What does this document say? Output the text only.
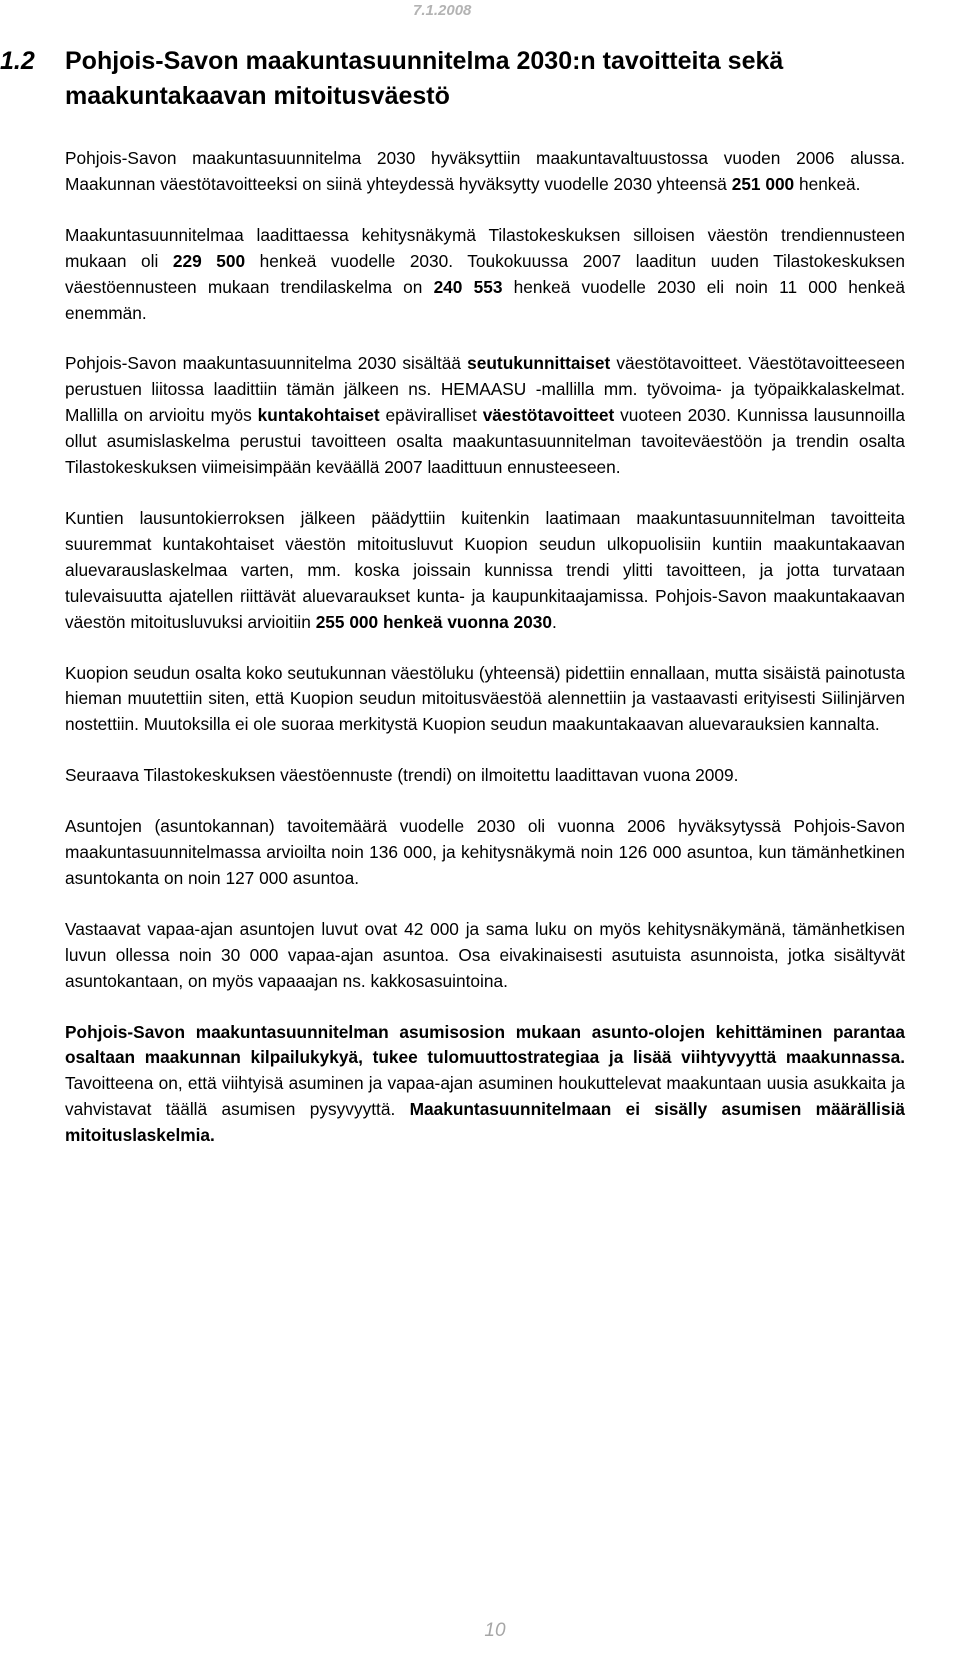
7.1.2008
1.2	Pohjois-Savon maakuntasuunnitelma 2030:n tavoitteita sekä maakuntakaavan mitoitusväestö

Pohjois-Savon maakuntasuunnitelma 2030 hyväksyttiin maakuntavaltuustossa vuoden 2006 alussa. Maakunnan väestötavoitteeksi on siinä yhteydessä hyväksytty vuodelle 2030 yhteensä 251 000 henkeä.

Maakuntasuunnitelmaa laadittaessa kehitysnäkymä Tilastokeskuksen silloisen väestön trendiennusteen mukaan oli 229 500 henkeä vuodelle 2030. Toukokuussa 2007 laaditun uuden Tilastokeskuksen väestöennusteen mukaan trendilaskelma on 240 553 henkeä vuodelle 2030 eli noin 11 000 henkeä enemmän.

Pohjois-Savon maakuntasuunnitelma 2030 sisältää seutukunnittaiset väestötavoitteet. Väestötavoitteeseen perustuen liitossa laadittiin tämän jälkeen ns. HEMAASU -mallilla mm. työvoima- ja työpaikkalaskelmat. Mallilla on arvioitu myös kuntakohtaiset epäviralliset väestötavoitteet vuoteen 2030. Kunnissa lausunnoilla ollut asumislaskelma perustui tavoitteen osalta maakuntasuunnitelman tavoiteväestöön ja trendin osalta Tilastokeskuksen viimeisimpään keväällä 2007 laadittuun ennusteeseen.

Kuntien lausuntokierroksen jälkeen päädyttiin kuitenkin laatimaan maakuntasuunnitelman tavoitteita suuremmat kuntakohtaiset väestön mitoitusluvut Kuopion seudun ulkopuolisiin kuntiin maakuntakaavan aluevarauslaskelmaa varten, mm. koska joissain kunnissa trendi ylitti tavoitteen, ja jotta turvataan tulevaisuutta ajatellen riittävät aluevaraukset kunta- ja kaupunkitaajamissa. Pohjois-Savon maakuntakaavan väestön mitoitusluvuksi arvioitiin 255 000 henkeä vuonna 2030.

Kuopion seudun osalta koko seutukunnan väestöluku (yhteensä) pidettiin ennallaan, mutta sisäistä painotusta hieman muutettiin siten, että Kuopion seudun mitoitusväestöä alennettiin ja vastaavasti erityisesti Siilinjärven nostettiin. Muutoksilla ei ole suoraa merkitystä Kuopion seudun maakuntakaavan aluevarauksien kannalta.

Seuraava Tilastokeskuksen väestöennuste (trendi) on ilmoitettu laadittavan vuona 2009.

Asuntojen (asuntokannan) tavoitemäärä vuodelle 2030 oli vuonna 2006 hyväksytyssä Pohjois-Savon maakuntasuunnitelmassa arvioilta noin 136 000, ja kehitysnäkymä noin 126 000 asuntoa, kun tämänhetkinen asuntokanta on noin 127 000 asuntoa.

Vastaavat vapaa-ajan asuntojen luvut ovat 42 000 ja sama luku on myös kehitysnäkymänä, tämänhetkisen luvun ollessa noin 30 000 vapaa-ajan asuntoa. Osa eivakinaisesti asutuista asunnoista, jotka sisältyvät asuntokantaan, on myös vapaaajan ns. kakkosasuintoina.

Pohjois-Savon maakuntasuunnitelman asumisosion mukaan asunto-olojen kehittäminen parantaa osaltaan maakunnan kilpailukykyä, tukee tulomuuttostrategiaa ja lisää viihtyvyyttä maakunnassa. Tavoitteena on, että viihtyisä asuminen ja vapaa-ajan asuminen houkuttelevat maakuntaan uusia asukkaita ja vahvistavat täällä asumisen pysyvyyttä. Maakuntasuunnitelmaan ei sisälly asumisen määrällisiä mitoituslaskelmia.

10
